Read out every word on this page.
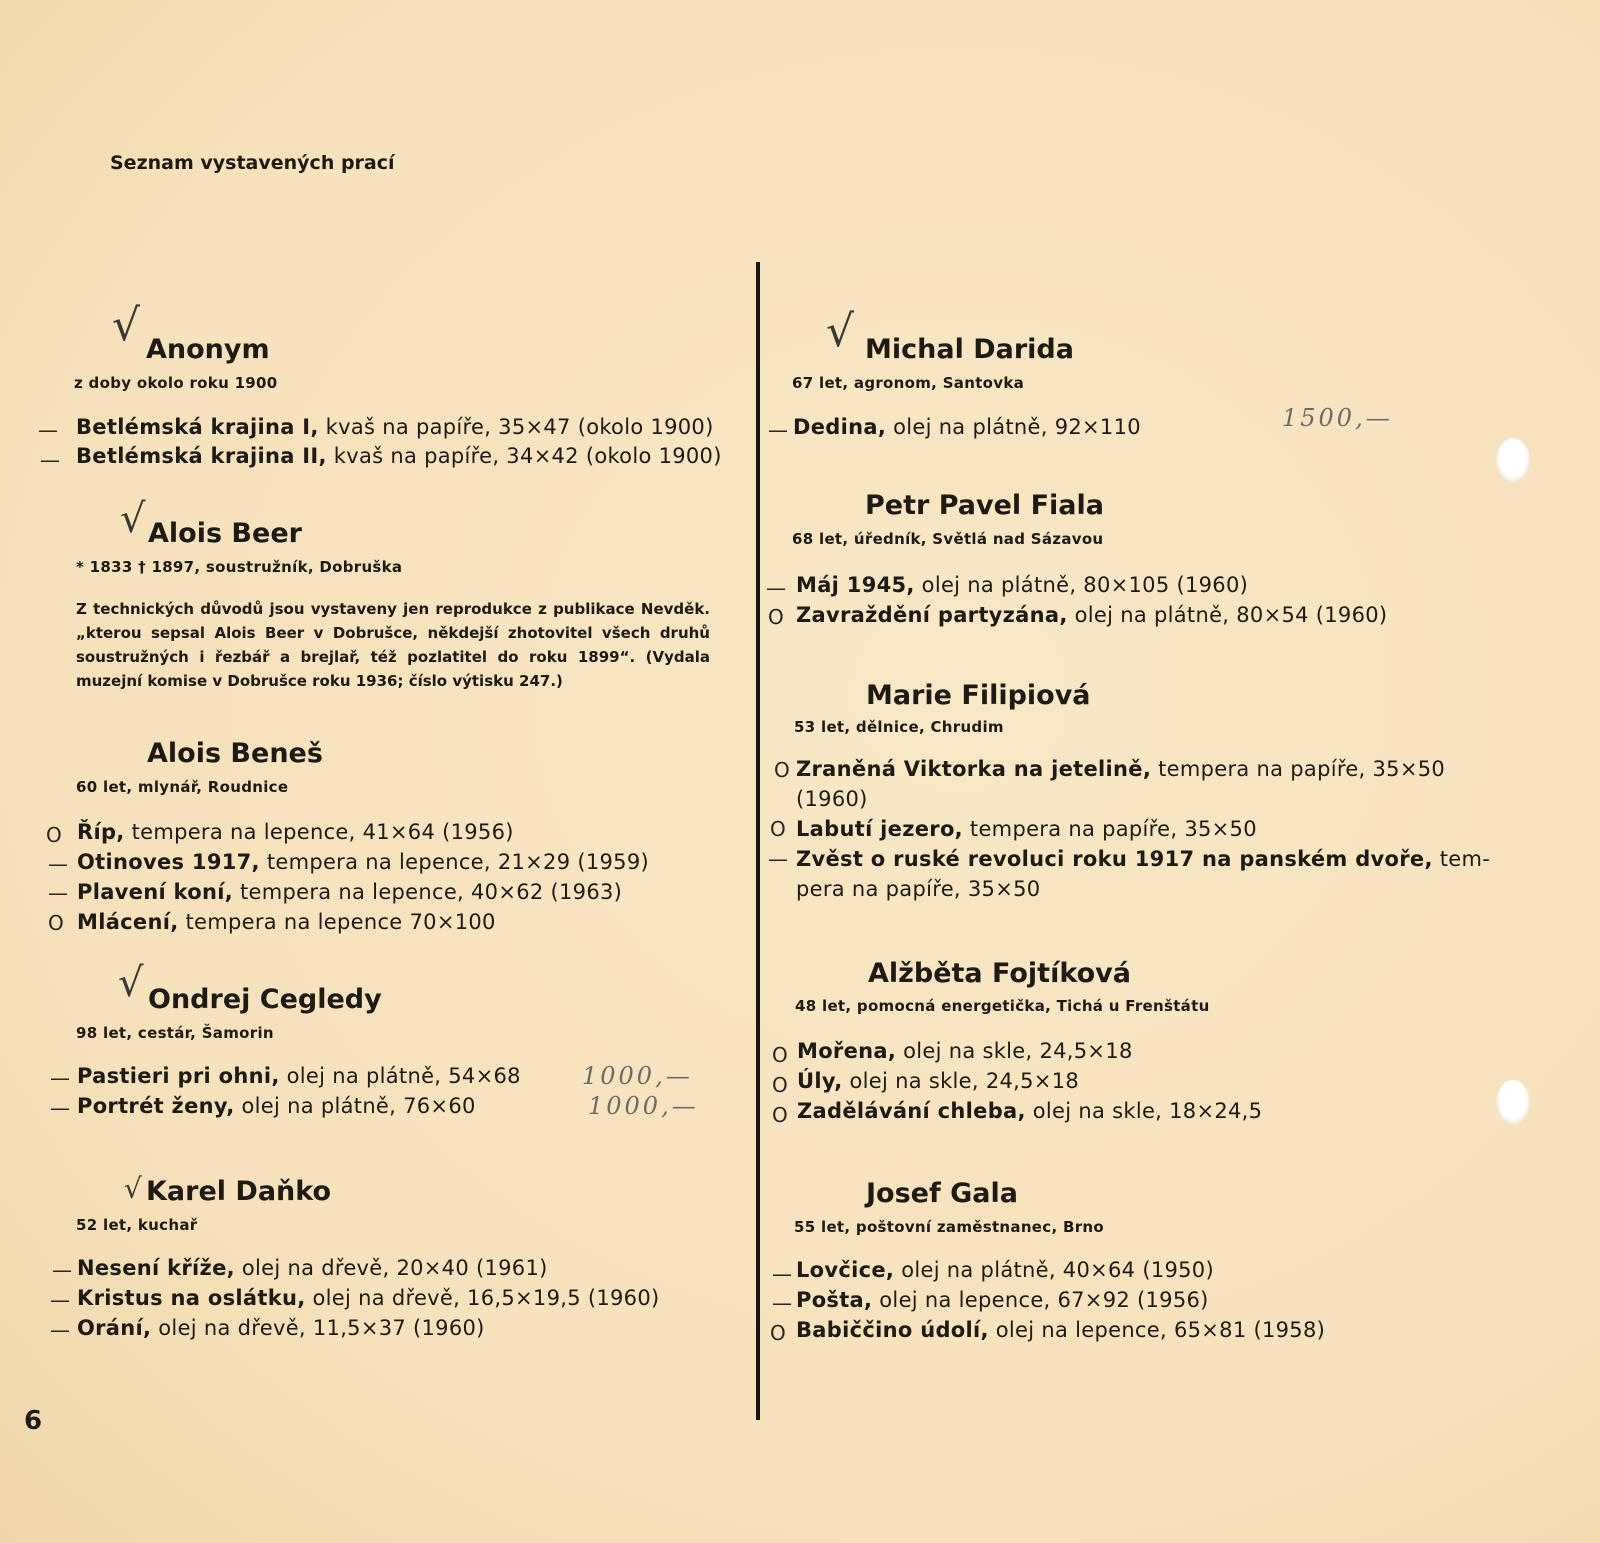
Seznam vystavených prací
√ Anonym
z doby okolo roku 1900
— Betlémská krajina I, kvaš na papíře, 35×47 (okolo 1900)
— Betlémská krajina II, kvaš na papíře, 34×42 (okolo 1900)
√ Alois Beer
* 1833 † 1897, soustružník, Dobruška
Z technických důvodů jsou vystaveny jen reprodukce z publikace Nevděk. „kterou sepsal Alois Beer v Dobrušce, někdejší zhotovitel všech druhů soustružných i řezbář a brejlař, též pozlatitel do roku 1899“. (Vydala muzejní komise v Dobrušce roku 1936; číslo výtisku 247.)
Alois Beneš
60 let, mlynář, Roudnice
O Říp, tempera na lepence, 41×64 (1956)
— Otinoves 1917, tempera na lepence, 21×29 (1959)
— Plavení koní, tempera na lepence, 40×62 (1963)
O Mlácení, tempera na lepence 70×100
√ Ondrej Cegledy
98 let, cestár, Šamorin
— Pastieri pri ohni, olej na plátně, 54×68	1000,—
— Portrét ženy, olej na plátně, 76×60	1000,—
√ Karel Daňko
52 let, kuchař
— Nesení kříže, olej na dřevě, 20×40 (1961)
— Kristus na oslátku, olej na dřevě, 16,5×19,5 (1960)
— Orání, olej na dřevě, 11,5×37 (1960)
√ Michal Darida
67 let, agronom, Santovka
— Dedina, olej na plátně, 92×110	1500,—
Petr Pavel Fiala
68 let, úředník, Světlá nad Sázavou
— Máj 1945, olej na plátně, 80×105 (1960)
O Zavraždění partyzána, olej na plátně, 80×54 (1960)
Marie Filipiová
53 let, dělnice, Chrudim
O Zraněná Viktorka na jetelině, tempera na papíře, 35×50
(1960)
O Labutí jezero, tempera na papíře, 35×50
— Zvěst o ruské revoluci roku 1917 na panském dvoře, tem-
pera na papíře, 35×50
Alžběta Fojtíková
48 let, pomocná energetička, Tichá u Frenštátu
O Mořena, olej na skle, 24,5×18
O Úly, olej na skle, 24,5×18
O Zadělávání chleba, olej na skle, 18×24,5
Josef Gala
55 let, poštovní zaměstnanec, Brno
— Lovčice, olej na plátně, 40×64 (1950)
— Pošta, olej na lepence, 67×92 (1956)
O Babiččino údolí, olej na lepence, 65×81 (1958)
6
